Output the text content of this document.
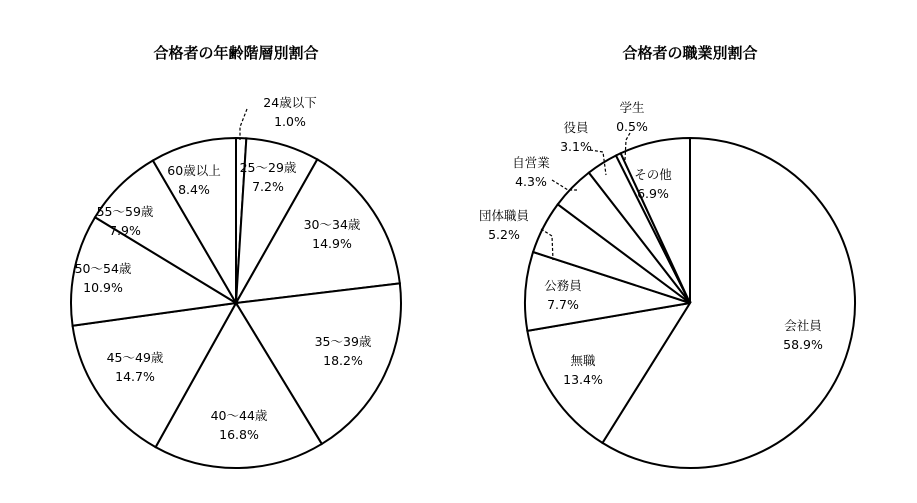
合格者の年齢階層別割合
24歳以下
1.0%
25～29歳
7.2%
30～34歳
14.9%
35～39歳
18.2%
40～44歳
16.8%
45～49歳
14.7%
50～54歳
10.9%
55～59歳
7.9%
60歳以上
8.4%
合格者の職業別割合
会社員
58.9%
無職
13.4%
公務員
7.7%
団体職員
5.2%
自営業
4.3%
役員
3.1%
学生
0.5%
その他
6.9%
